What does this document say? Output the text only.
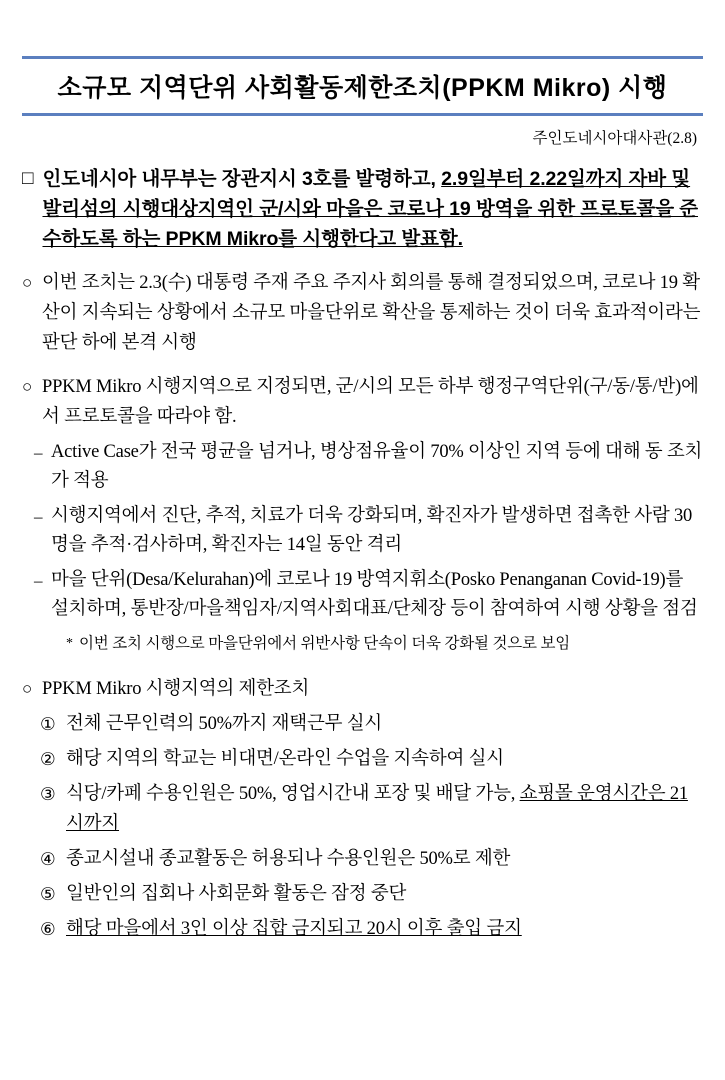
소규모 지역단위 사회활동제한조치(PPKM Mikro) 시행
주인도네시아대사관(2.8)
□ 인도네시아 내무부는 장관지시 3호를 발령하고, 2.9일부터 2.22일까지 자바 및 발리섬의 시행대상지역인 군/시와 마을은 코로나 19 방역을 위한 프로토콜을 준수하도록 하는 PPKM Mikro를 시행한다고 발표함.
○ 이번 조치는 2.3(수) 대통령 주재 주요 주지사 회의를 통해 결정되었으며, 코로나 19 확산이 지속되는 상황에서 소규모 마을단위로 확산을 통제하는 것이 더욱 효과적이라는 판단 하에 본격 시행
○ PPKM Mikro 시행지역으로 지정되면, 군/시의 모든 하부 행정구역단위(구/동/통/반)에서 프로토콜을 따라야 함.
– Active Case가 전국 평균을 넘거나, 병상점유율이 70% 이상인 지역 등에 대해 동 조치가 적용
– 시행지역에서 진단, 추적, 치료가 더욱 강화되며, 확진자가 발생하면 접촉한 사람 30명을 추적·검사하며, 확진자는 14일 동안 격리
– 마을 단위(Desa/Kelurahan)에 코로나 19 방역지휘소(Posko Penanganan Covid-19)를 설치하며, 통반장/마을책임자/지역사회대표/단체장 등이 참여하여 시행 상황을 점검
* 이번 조치 시행으로 마을단위에서 위반사항 단속이 더욱 강화될 것으로 보임
○ PPKM Mikro 시행지역의 제한조치
① 전체 근무인력의 50%까지 재택근무 실시
② 해당 지역의 학교는 비대면/온라인 수업을 지속하여 실시
③ 식당/카페 수용인원은 50%, 영업시간내 포장 및 배달 가능, 쇼핑몰 운영시간은 21시까지
④ 종교시설내 종교활동은 허용되나 수용인원은 50%로 제한
⑤ 일반인의 집회나 사회문화 활동은 잠정 중단
⑥ 해당 마을에서 3인 이상 집합 금지되고 20시 이후 출입 금지
